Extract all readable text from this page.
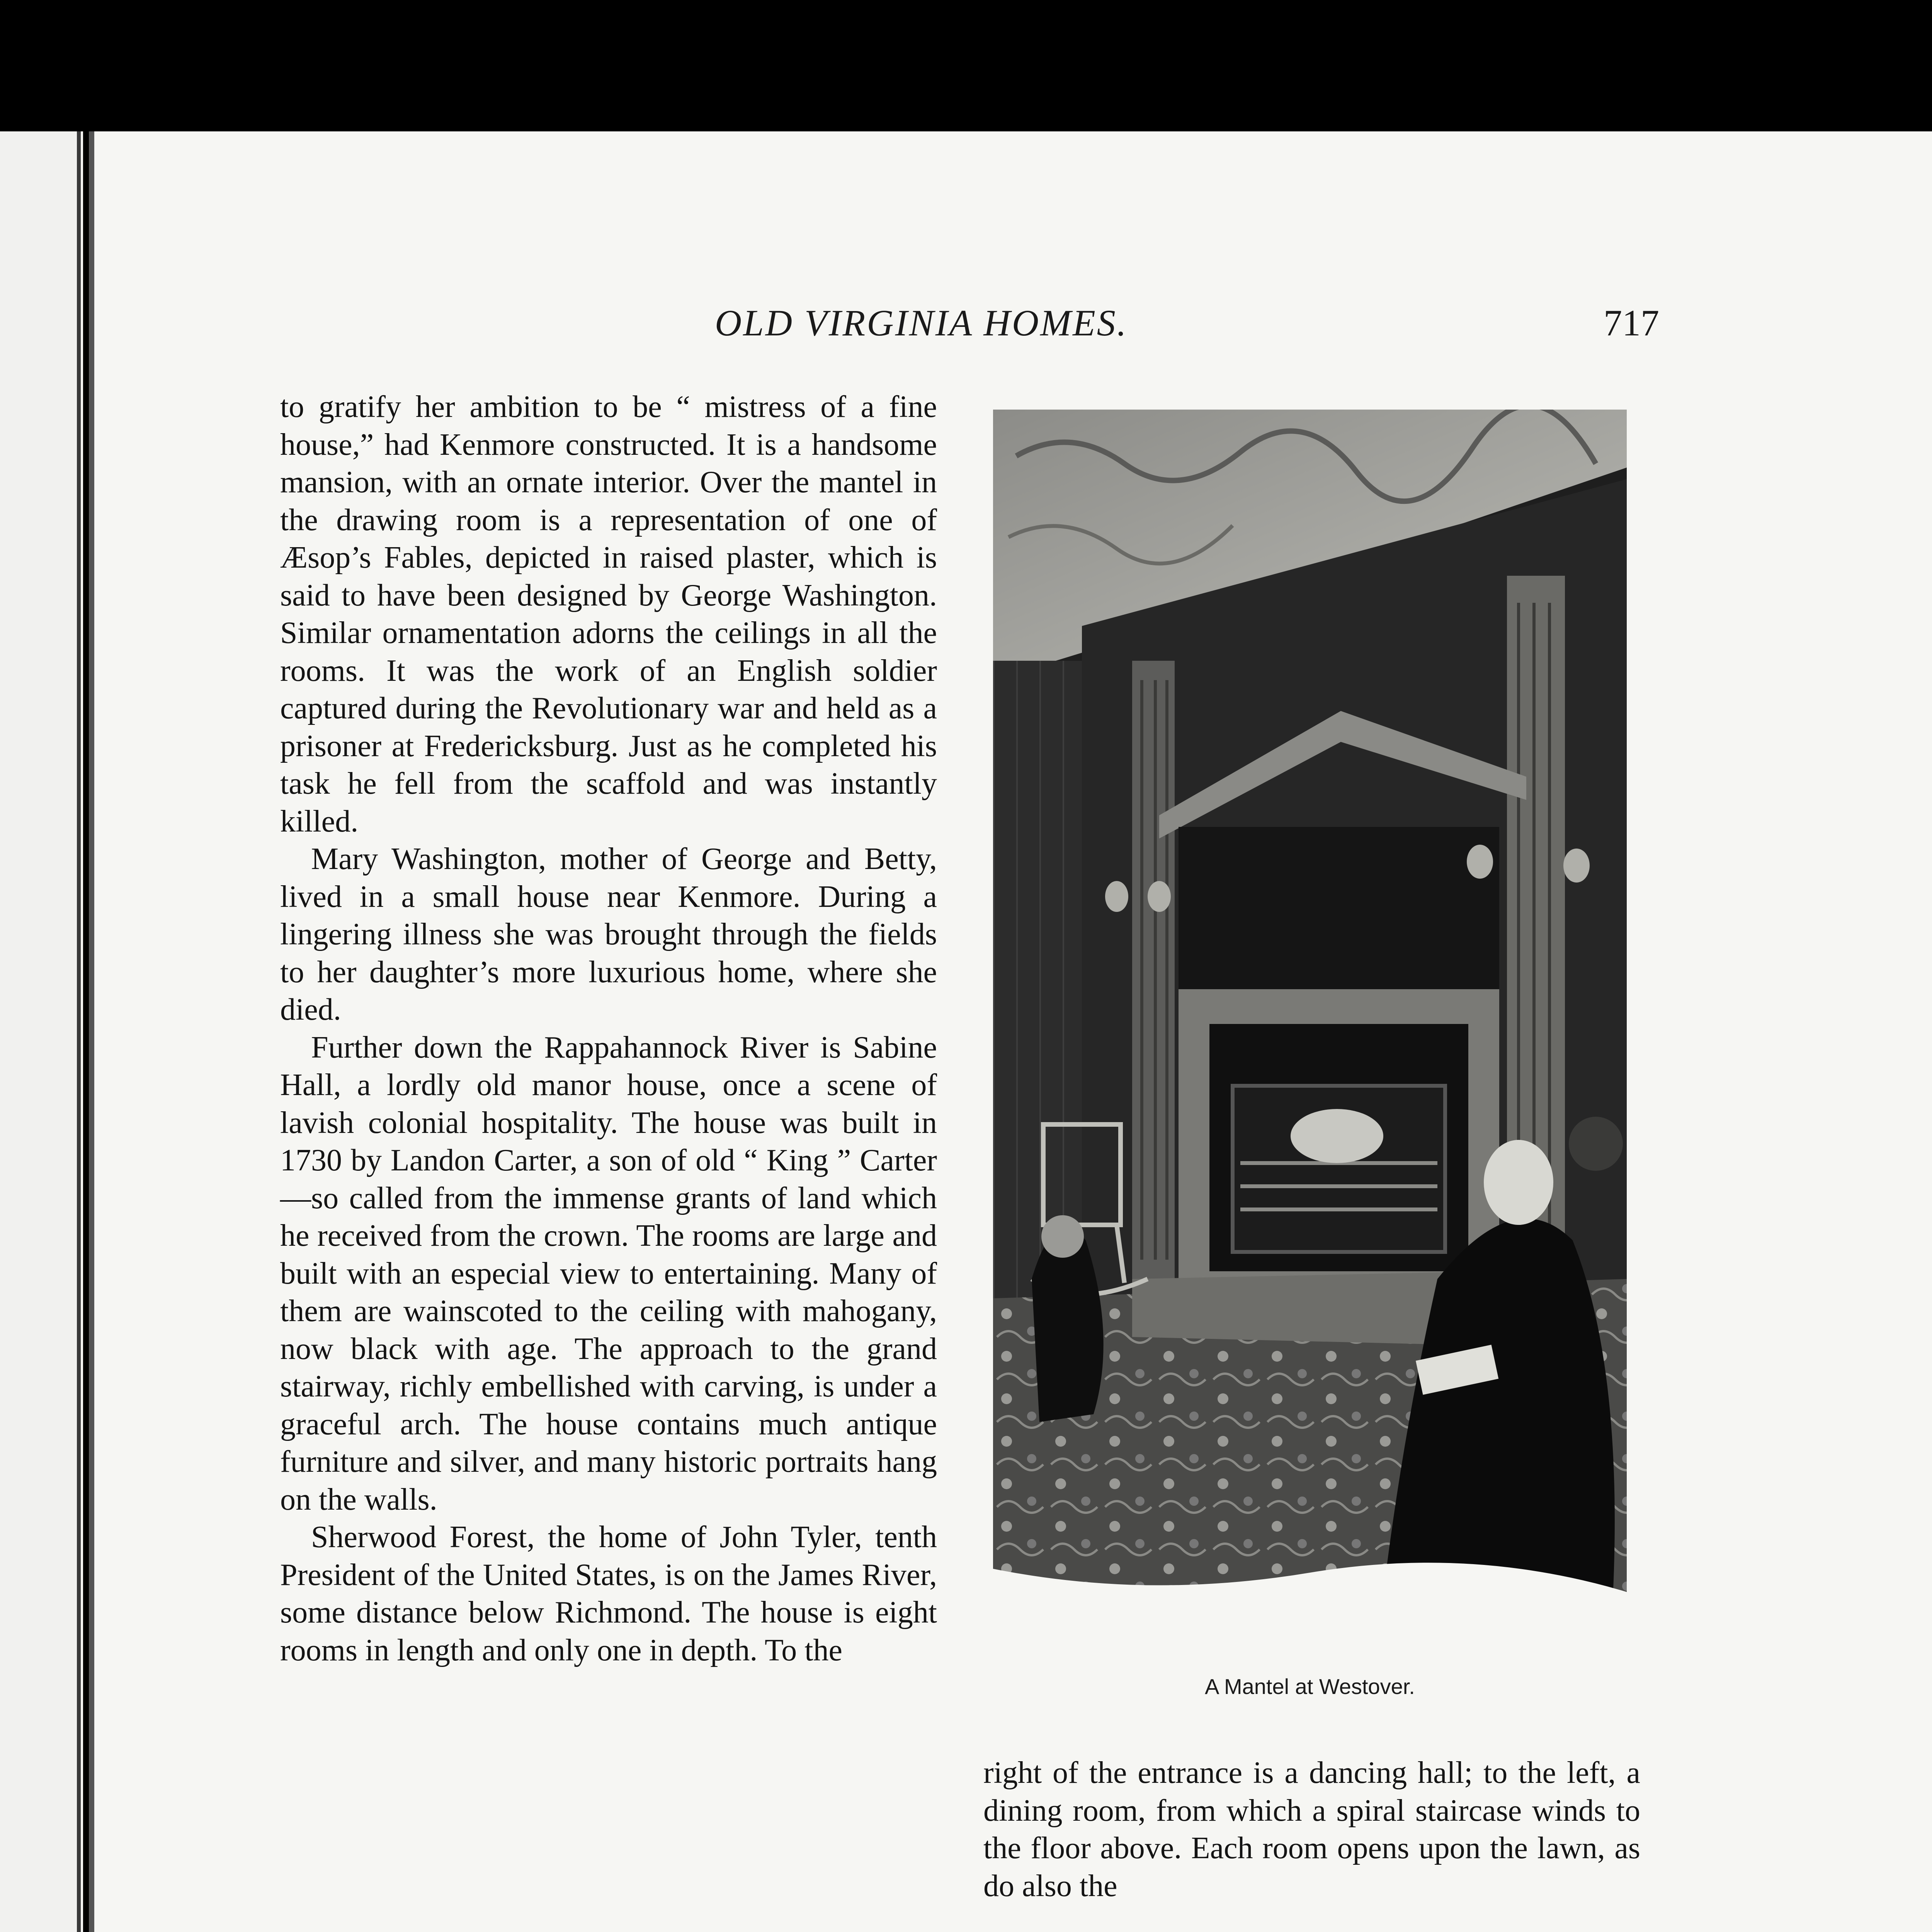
OLD VIRGINIA HOMES.	717

to gratify her ambition to be “ mistress of a fine house,” had Kenmore constructed. It is a handsome mansion, with an ornate interior. Over the mantel in the drawing room is a representation of one of Æsop’s Fables, depicted in raised plaster, which is said to have been designed by George Washington. Similar ornamentation adorns the ceilings in all the rooms. It was the work of an English soldier captured during the Revolutionary war and held as a prisoner at Fredericksburg. Just as he completed his task he fell from the scaffold and was instantly killed.

Mary Washington, mother of George and Betty, lived in a small house near Kenmore. During a lingering illness she was brought through the fields to her daughter’s more luxurious home, where she died.

Further down the Rappahannock River is Sabine Hall, a lordly old manor house, once a scene of lavish colonial hospitality. The house was built in 1730 by Landon Carter, a son of old “ King ” Carter—so called from the immense grants of land which he received from the crown. The rooms are large and built with an especial view to entertaining. Many of them are wainscoted to the ceiling with mahogany, now black with age. The approach to the grand stairway, richly embellished with carving, is under a graceful arch. The house contains much antique furniture and silver, and many historic portraits hang on the walls.

Sherwood Forest, the home of John Tyler, tenth President of the United States, is on the James River, some distance below Richmond. The house is eight rooms in length and only one in depth. To the

A Mantel at Westover.

right of the entrance is a dancing hall; to the left, a dining room, from which a spiral staircase winds to the floor above. Each room opens upon the lawn, as do also the
